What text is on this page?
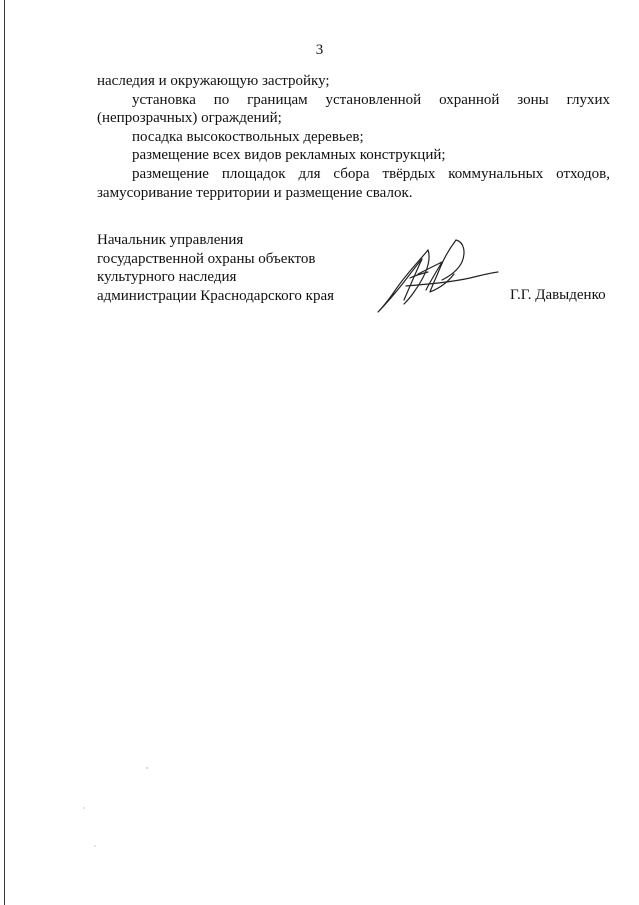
3
наследия и окружающую застройку;
установка по границам установленной охранной зоны глухих
(непрозрачных) ограждений;
посадка высокоствольных деревьев;
размещение всех видов рекламных конструкций;
размещение площадок для сбора твёрдых коммунальных отходов,
замусоривание территории и размещение свалок.
Начальник управления
государственной охраны объектов
культурного наследия
администрации Краснодарского края	Г.Г. Давыденко
